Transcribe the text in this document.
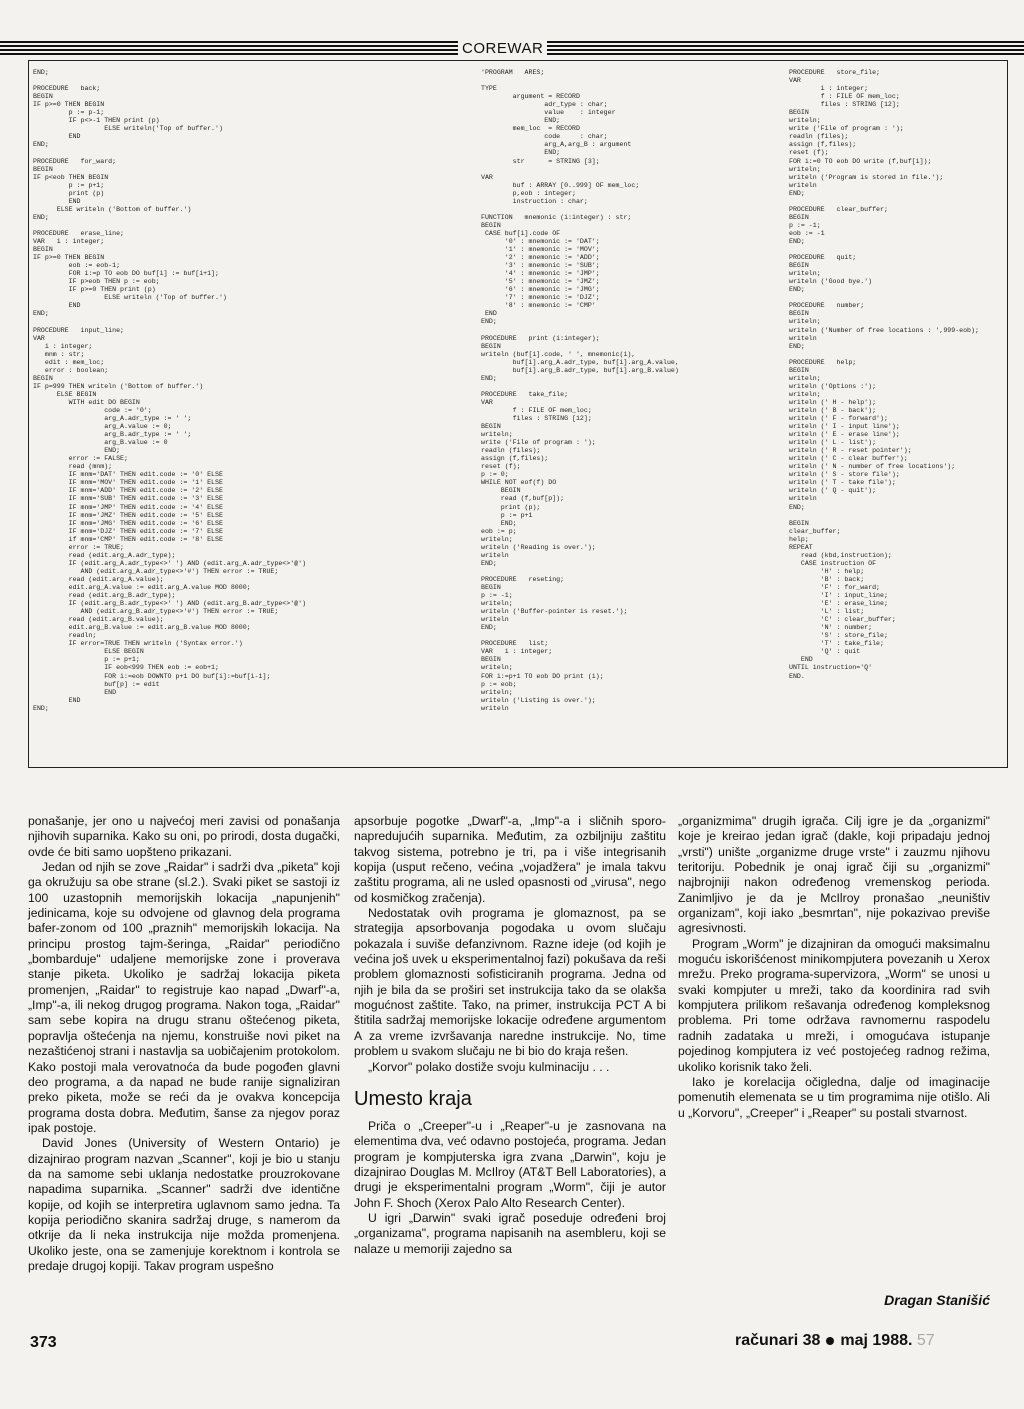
COREWAR
END;

PROCEDURE   back;
BEGIN
IF p>=0 THEN BEGIN
p := p-1;
IF p<>-1 THEN print (p)
ELSE writeln('Top of buffer.')
END
END;

PROCEDURE   for_ward;
BEGIN
IF p<eob THEN BEGIN
p := p+1;
print (p)
END
ELSE writeln ('Bottom of buffer.')
END;

PROCEDURE   erase_line;
VAR   i : integer;
BEGIN
IF p>=0 THEN BEGIN
eob := eob-1;
FOR i:=p TO eob DO buf[i] := buf[i+1];
IF p>eob THEN p := eob;
IF p>=0 THEN print (p)
ELSE writeln ('Top of buffer.')
END
END;

PROCEDURE   input_line;
VAR
i : integer;
mnm : str;
edit : mem_loc;
error : boolean;
BEGIN
IF p=999 THEN writeln ('Bottom of buffer.')
ELSE BEGIN
WITH edit DO BEGIN
code := '0';
arg_A.adr_type := ' ';
arg_A.value := 0;
arg_B.adr_type := ' ';
arg_B.value := 0
END;
error := FALSE;
read (mnm);
IF mnm='DAT' THEN edit.code := '0' ELSE
IF mnm='MOV' THEN edit.code := '1' ELSE
IF mnm='ADD' THEN edit.code := '2' ELSE
IF mnm='SUB' THEN edit.code := '3' ELSE
IF mnm='JMP' THEN edit.code := '4' ELSE
IF mnm='JMZ' THEN edit.code := '5' ELSE
IF mnm='JMG' THEN edit.code := '6' ELSE
IF mnm='DJZ' THEN edit.code := '7' ELSE
if mnm='CMP' THEN edit.code := '8' ELSE
error := TRUE;
read (edit.arg_A.adr_type);
IF (edit.arg_A.adr_type<>' ') AND (edit.arg_A.adr_type<>'@')
AND (edit.arg_A.adr_type<>'#') THEN error := TRUE;
read (edit.arg_A.value);
edit.arg_A.value := edit.arg_A.value MOD 8000;
read (edit.arg_B.adr_type);
IF (edit.arg_B.adr_type<>' ') AND (edit.arg_B.adr_type<>'@')
AND (edit.arg_B.adr_type<>'#') THEN error := TRUE;
read (edit.arg_B.value);
edit.arg_B.value := edit.arg_B.value MOD 8000;
readln;
IF error=TRUE THEN writeln ('Syntax error.')
ELSE BEGIN
p := p+1;
IF eob<999 THEN eob := eob+1;
FOR i:=eob DOWNTO p+1 DO buf[i]:=buf[i-1];
buf[p] := edit
END
END
END;
'PROGRAM   ARES;

TYPE
argument = RECORD
adr_type : char;
value    : integer
END;
mem_loc  = RECORD
code     : char;
arg_A,arg_B : argument
END;
str      = STRING [3];

VAR
buf : ARRAY [0..999] OF mem_loc;
p,eob : integer;
instruction : char;

FUNCTION   mnemonic (i:integer) : str;
BEGIN
CASE buf[i].code OF
'0' : mnemonic := 'DAT';
'1' : mnemonic := 'MOV';
'2' : mnemonic := 'ADD';
'3' : mnemonic := 'SUB';
'4' : mnemonic := 'JMP';
'5' : mnemonic := 'JMZ';
'6' : mnemonic := 'JMG';
'7' : mnemonic := 'DJZ';
'8' : mnemonic := 'CMP'
END
END;

PROCEDURE   print (i:integer);
BEGIN
writeln (buf[i].code, ' ', mnemonic(i),
buf[i].arg_A.adr_type, buf[i].arg_A.value,
buf[i].arg_B.adr_type, buf[i].arg_B.value)
END;

PROCEDURE   take_file;
VAR
f : FILE OF mem_loc;
files : STRING [12];
BEGIN
writeln;
write ('File of program : ');
readln (files);
assign (f,files);
reset (f);
p := 0;
WHILE NOT eof(f) DO
BEGIN
read (f,buf[p]);
print (p);
p := p+1
END;
eob := p;
writeln;
writeln ('Reading is over.');
writeln
END;

PROCEDURE   reseting;
BEGIN
p := -1;
writeln;
writeln ('Buffer-pointer is reset.');
writeln
END;

PROCEDURE   list;
VAR   i : integer;
BEGIN
writeln;
FOR i:=p+1 TO eob DO print (i);
p := eob;
writeln;
writeln ('Listing is over.');
writeln
PROCEDURE   store_file;
VAR
i : integer;
f : FILE OF mem_loc;
files : STRING [12];
BEGIN
writeln;
write ('File of program : ');
readln (files);
assign (f,files);
reset (f);
FOR i:=0 TO eob DO write (f,buf[i]);
writeln;
writeln ('Program is stored in file.');
writeln
END;

PROCEDURE   clear_buffer;
BEGIN
p := -1;
eob := -1
END;

PROCEDURE   quit;
BEGIN
writeln;
writeln ('Good bye.')
END;

PROCEDURE   number;
BEGIN
writeln;
writeln ('Number of free locations : ',999-eob);
writeln
END;

PROCEDURE   help;
BEGIN
writeln;
writeln ('Options :');
writeln;
writeln (' H - help');
writeln (' B - back');
writeln (' F - forward');
writeln (' I - input line');
writeln (' E - erase line');
writeln (' L - list');
writeln (' R - reset pointer');
writeln (' C - clear buffer');
writeln (' N - number of free locations');
writeln (' S - store file');
writeln (' T - take file');
writeln (' Q - quit');
writeln
END;

BEGIN
clear_buffer;
help;
REPEAT
read (kbd,instruction);
CASE instruction OF
'H' : help;
'B' : back;
'F' : for_ward;
'I' : input_line;
'E' : erase_line;
'L' : list;
'C' : clear_buffer;
'N' : number;
'S' : store_file;
'T' : take_file;
'Q' : quit
END
UNTIL instruction='Q'
END.

ponašanje, jer ono u najvećoj meri zavisi od ponašanja njihovih suparnika. Kako su oni, po prirodi, dosta dugački, ovde će biti samo uopšteno prikazani.

Jedan od njih se zove „Raidar" i sadrži dva „piketa" koji ga okružuju sa obe strane (sl.2.). Svaki piket se sastoji iz 100 uzastopnih memorijskih lokacija „napunjenih" jedinicama, koje su odvojene od glavnog dela programa bafer-zonom od 100 „praznih" memorijskih lokacija. Na principu prostog tajm-šeringa, „Raidar" periodično „bombarduje" udaljene memorijske zone i proverava stanje piketa. Ukoliko je sadržaj lokacija piketa promenjen, „Raidar" to registruje kao napad „Dwarf"-a, „Imp"-a, ili nekog drugog programa. Nakon toga, „Raidar" sam sebe kopira na drugu stranu oštećenog piketa, popravlja oštećenja na njemu, konstruiše novi piket na nezaštićenoj strani i nastavlja sa uobičajenim protokolom. Kako postoji mala verovatnoća da bude pogođen glavni deo programa, a da napad ne bude ranije signaliziran preko piketa, može se reći da je ovakva koncepcija programa dosta dobra. Međutim, šanse za njegov poraz ipak postoje.

David Jones (University of Western Ontario) je dizajnirao program nazvan „Scanner", koji je bio u stanju da na samome sebi uklanja nedostatke prouzrokovane napadima suparnika. „Scanner" sadrži dve identične kopije, od kojih se interpretira uglavnom samo jedna. Ta kopija periodično skanira sadržaj druge, s namerom da otkrije da li neka instrukcija nije možda promenjena. Ukoliko jeste, ona se zamenjuje korektnom i kontrola se predaje drugoj kopiji. Takav program uspešno

apsorbuje pogotke „Dwarf"-a, „Imp"-a i sličnih sporo-napredujućih suparnika. Međutim, za ozbiljniju zaštitu takvog sistema, potrebno je tri, pa i više integrisanih kopija (usput rečeno, većina „vojadžera" je imala takvu zaštitu programa, ali ne usled opasnosti od „virusa", nego od kosmičkog zračenja).

Nedostatak ovih programa je glomaznost, pa se strategija apsorbovanja pogodaka u ovom slučaju pokazala i suviše defanzivnom. Razne ideje (od kojih je većina još uvek u eksperimentalnoj fazi) pokušava da reši problem glomaznosti sofisticiranih programa. Jedna od njih je bila da se proširi set instrukcija tako da se olakša mogućnost zaštite. Tako, na primer, instrukcija PCT A bi štitila sadržaj memorijske lokacije određene argumentom A za vreme izvršavanja naredne instrukcije. No, time problem u svakom slučaju ne bi bio do kraja rešen.

„Korvor" polako dostiže svoju kulminaciju . . .

Umesto kraja

Priča o „Creeper"-u i „Reaper"-u je zasnovana na elementima dva, već odavno postojeća, programa. Jedan program je kompjuterska igra zvana „Darwin", koju je dizajnirao Douglas M. McIlroy (AT&T Bell Laboratories), a drugi je eksperimentalni program „Worm", čiji je autor John F. Shoch (Xerox Palo Alto Research Center).

U igri „Darwin" svaki igrač poseduje određeni broj „organizama", programa napisanih na asembleru, koji se nalaze u memoriji zajedno sa

„organizmima" drugih igrača. Cilj igre je da „organizmi" koje je kreirao jedan igrač (dakle, koji pripadaju jednoj „vrsti") unište „organizme druge vrste" i zauzmu njihovu teritoriju. Pobednik je onaj igrač čiji su „organizmi" najbrojniji nakon određenog vremenskog perioda. Zanimljivo je da je McIlroy pronašao „neuništiv organizam", koji iako „besmrtan", nije pokazivao previše agresivnosti.

Program „Worm" je dizajniran da omogući maksimalnu moguću iskorišćenost minikompjutera povezanih u Xerox mrežu. Preko programa-supervizora, „Worm" se unosi u svaki kompjuter u mreži, tako da koordinira rad svih kompjutera prilikom rešavanja određenog kompleksnog problema. Pri tome održava ravnomernu raspodelu radnih zadataka u mreži, i omogućava istupanje pojedinog kompjutera iz već postojećeg radnog režima, ukoliko korisnik tako želi.

Iako je korelacija očigledna, dalje od imaginacije pomenutih elemenata se u tim programima nije otišlo. Ali u „Korvoru", „Creeper" i „Reaper" su postali stvarnost.

Dragan Stanišić
373	računari 38 maj 1988. 57
